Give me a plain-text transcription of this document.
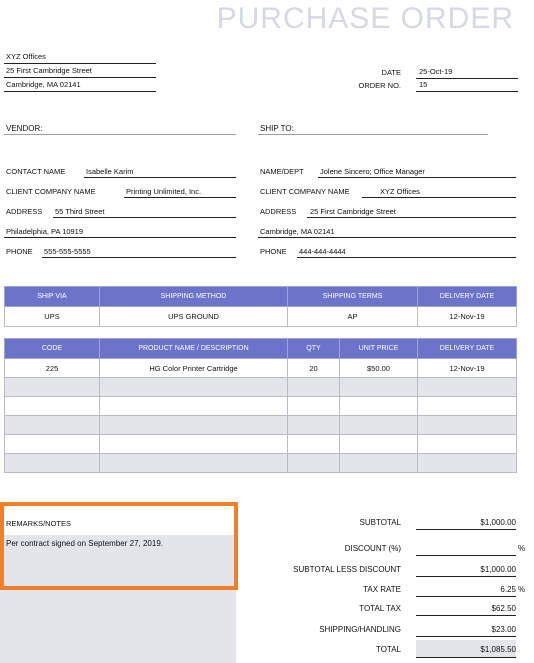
PURCHASE ORDER
XYZ Offices
25 First Cambridge Street
Cambridge, MA 02141
DATE 25-Oct-19
ORDER NO. 15
VENDOR:	SHIP TO:
CONTACT NAME	Isabelle Karim
CLIENT COMPANY NAME	Printing Unlimited, Inc.
ADDRESS 55 Third Street
Philadelphia, PA 10919
PHONE 555-555-5555
NAME/DEPT Jolene Sincero; Office Manager
CLIENT COMPANY NAME	XYZ Offices
ADDRESS 25 First Cambridge Street
Cambridge, MA 02141
PHONE 444-444-4444
SHIP VIA	SHIPPING METHOD	SHIPPING TERMS	DELIVERY DATE
UPS	UPS GROUND	AP	12-Nov-19
CODE	PRODUCT NAME / DESCRIPTION	QTY	UNIT PRICE	DELIVERY DATE
225	HG Color Printer Cartridge	20	$50.00	12-Nov-19

REMARKS/NOTES
Per contract signed on September 27, 2019.
SUBTOTAL	$1,000.00
DISCOUNT (%)	%
SUBTOTAL LESS DISCOUNT	$1,000.00
TAX RATE	6.25 %
TOTAL TAX	$62.50
SHIPPING/HANDLING	$23.00
TOTAL	$1,085.50
